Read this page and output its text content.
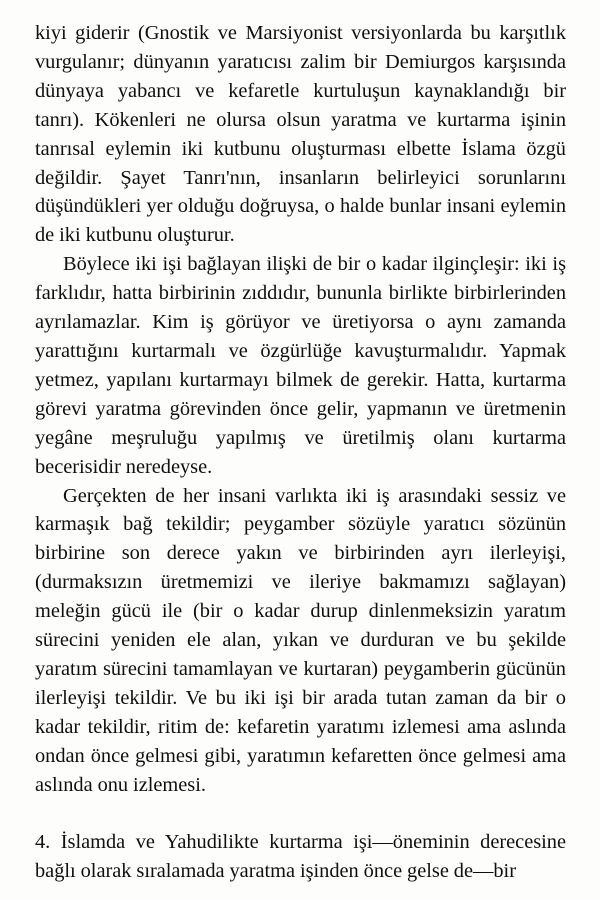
kiyi giderir (Gnostik ve Marsiyonist versiyonlarda bu karşıtlık vurgulanır; dünyanın yaratıcısı zalim bir Demiurgos karşısında dünyaya yabancı ve kefaretle kurtuluşun kaynaklandığı bir tanrı). Kökenleri ne olursa olsun yaratma ve kurtarma işinin tanrısal eylemin iki kutbunu oluşturması elbette İslama özgü değildir. Şayet Tanrı'nın, insanların belirleyici sorunlarını düşündükleri yer olduğu doğruysa, o halde bunlar insani eylemin de iki kutbunu oluşturur.

Böylece iki işi bağlayan ilişki de bir o kadar ilginçleşir: iki iş farklıdır, hatta birbirinin zıddıdır, bununla birlikte birbirlerinden ayrılamazlar. Kim iş görüyor ve üretiyorsa o aynı zamanda yarattığını kurtarmalı ve özgürlüğe kavuşturmalıdır. Yapmak yetmez, yapılanı kurtarmayı bilmek de gerekir. Hatta, kurtarma görevi yaratma görevinden önce gelir, yapmanın ve üretmenin yegâne meşruluğu yapılmış ve üretilmiş olanı kurtarma becerisidir neredeyse.

Gerçekten de her insani varlıkta iki iş arasındaki sessiz ve karmaşık bağ tekildir; peygamber sözüyle yaratıcı sözünün birbirine son derece yakın ve birbirinden ayrı ilerleyişi, (durmaksızın üretmemizi ve ileriye bakmamızı sağlayan) meleğin gücü ile (bir o kadar durup dinlenmeksizin yaratım sürecini yeniden ele alan, yıkan ve durduran ve bu şekilde yaratım sürecini tamamlayan ve kurtaran) peygamberin gücünün ilerleyişi tekildir. Ve bu iki işi bir arada tutan zaman da bir o kadar tekildir, ritim de: kefaretin yaratımı izlemesi ama aslında ondan önce gelmesi gibi, yaratımın kefaretten önce gelmesi ama aslında onu izlemesi.

4. İslamda ve Yahudilikte kurtarma işi—öneminin derecesine bağlı olarak sıralamada yaratma işinden önce gelse de—bir
